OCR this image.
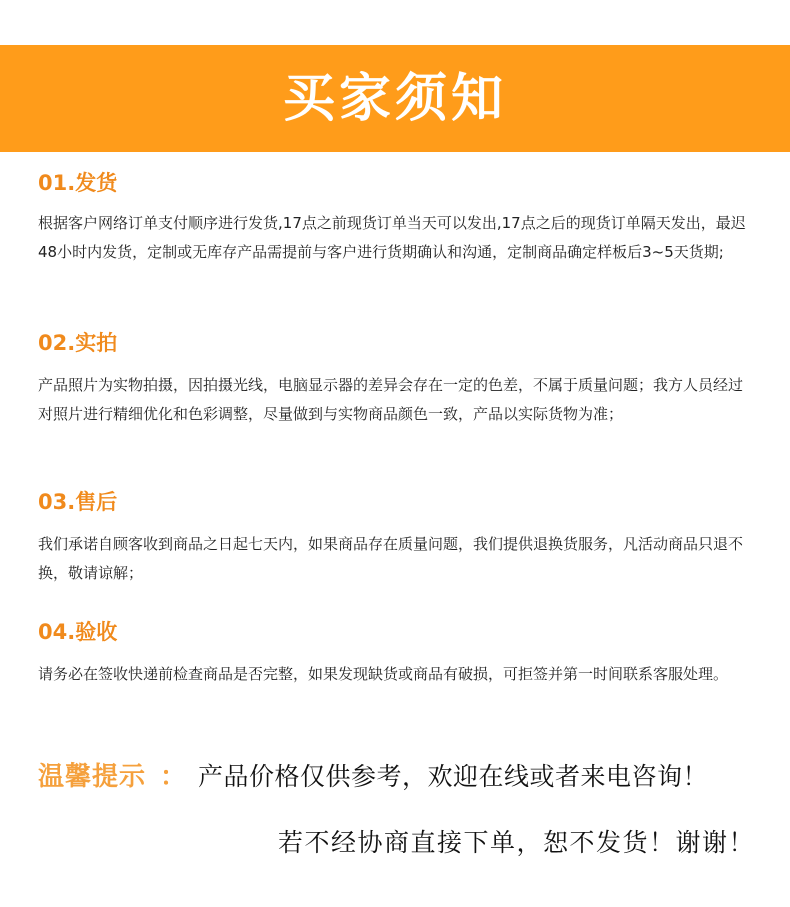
买家须知
01.发货

根据客户网络订单支付顺序进行发货,17点之前现货订单当天可以发出,17点之后的现货订单隔天发出，最迟48小时内发货，定制或无库存产品需提前与客户进行货期确认和沟通，定制商品确定样板后3~5天货期;

02.实拍

产品照片为实物拍摄，因拍摄光线，电脑显示器的差异会存在一定的色差，不属于质量问题；我方人员经过对照片进行精细优化和色彩调整，尽量做到与实物商品颜色一致，产品以实际货物为准；

03.售后

我们承诺自顾客收到商品之日起七天内，如果商品存在质量问题，我们提供退换货服务，凡活动商品只退不换，敬请谅解；

04.验收

请务必在签收快递前检查商品是否完整，如果发现缺货或商品有破损，可拒签并第一时间联系客服处理。

温馨提示 ： 产品价格仅供参考，欢迎在线或者来电咨询！
若不经协商直接下单，恕不发货！谢谢！
